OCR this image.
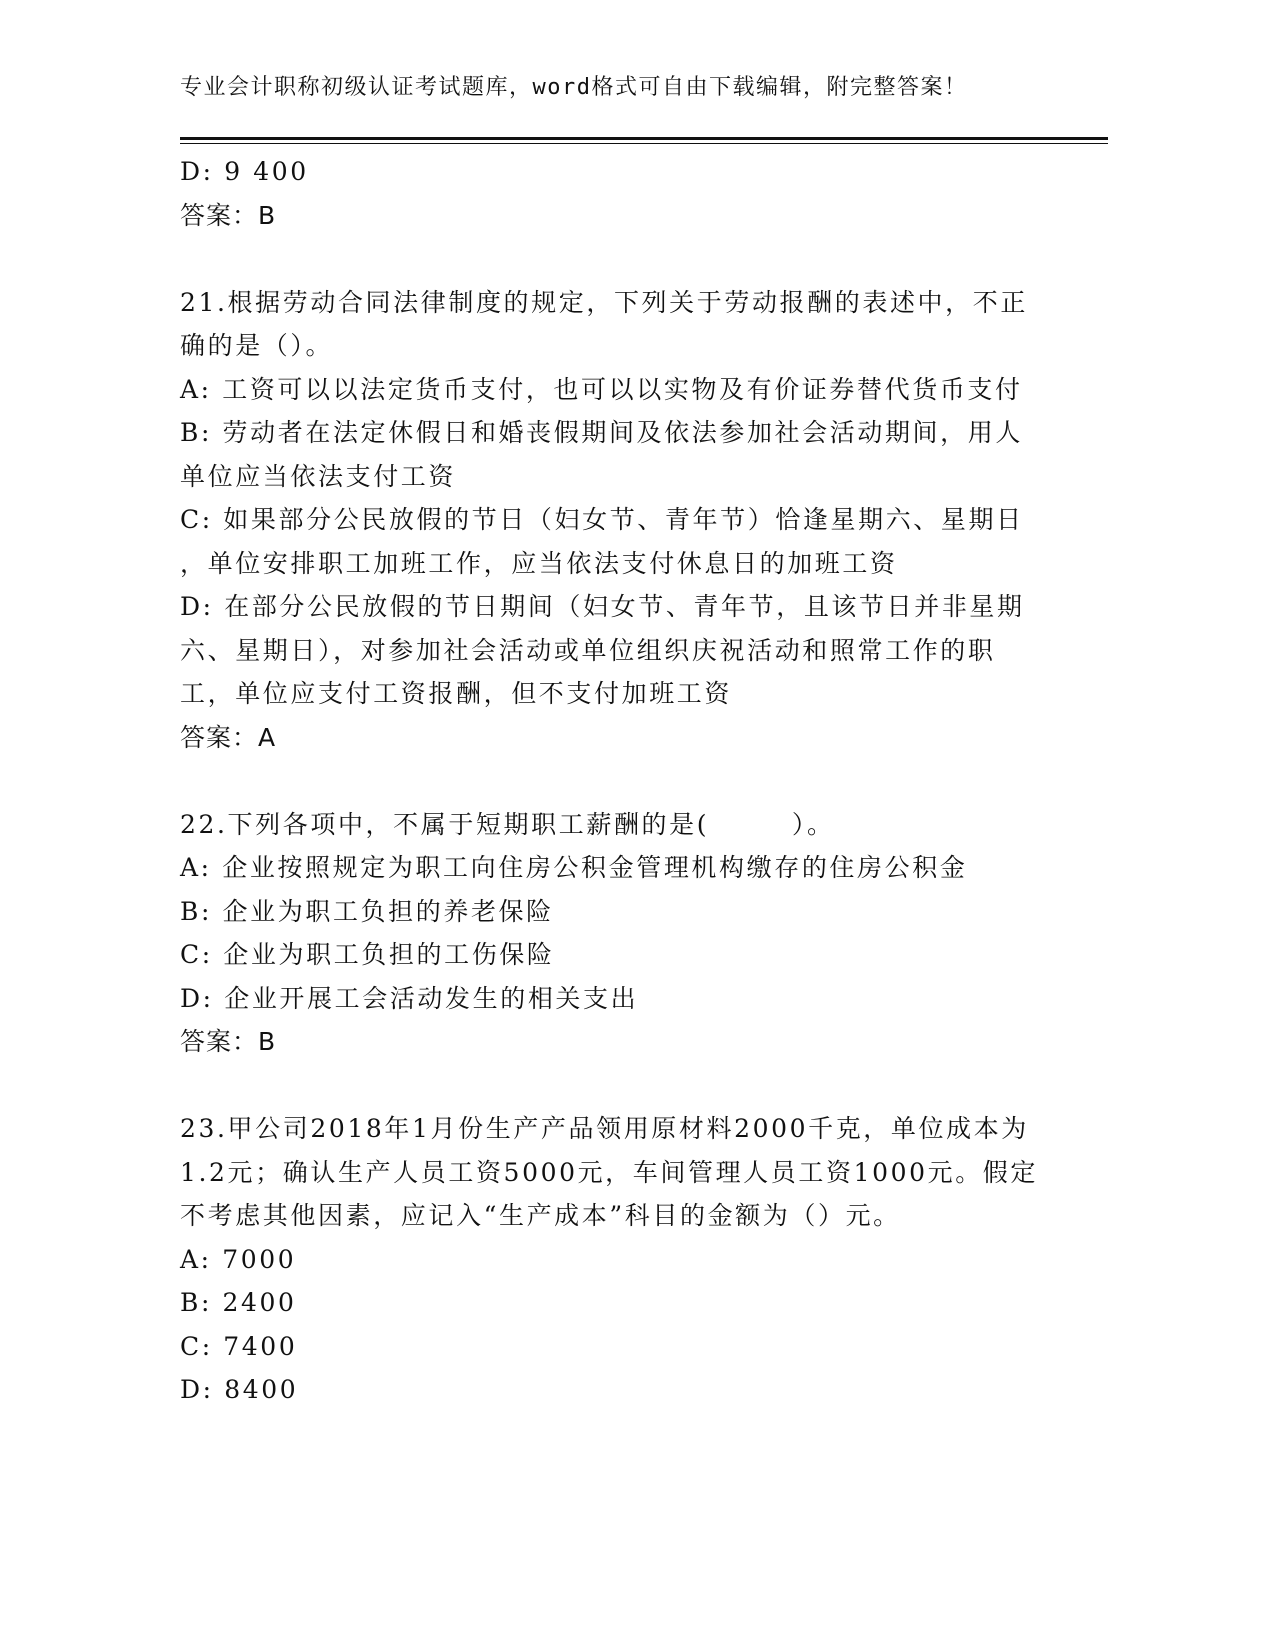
专业会计职称初级认证考试题库，word格式可自由下载编辑，附完整答案！
D: 9 400
答案：B
21.根据劳动合同法律制度的规定，下列关于劳动报酬的表述中，不正
确的是（）。
A: 工资可以以法定货币支付，也可以以实物及有价证券替代货币支付
B: 劳动者在法定休假日和婚丧假期间及依法参加社会活动期间，用人
单位应当依法支付工资
C: 如果部分公民放假的节日（妇女节、青年节）恰逢星期六、星期日
，单位安排职工加班工作，应当依法支付休息日的加班工资
D: 在部分公民放假的节日期间（妇女节、青年节，且该节日并非星期
六、星期日），对参加社会活动或单位组织庆祝活动和照常工作的职
工，单位应支付工资报酬，但不支付加班工资
答案：A
22.下列各项中，不属于短期职工薪酬的是(　　　）。
A: 企业按照规定为职工向住房公积金管理机构缴存的住房公积金
B: 企业为职工负担的养老保险
C: 企业为职工负担的工伤保险
D: 企业开展工会活动发生的相关支出
答案：B
23.甲公司2018年1月份生产产品领用原材料2000千克，单位成本为
1.2元；确认生产人员工资5000元，车间管理人员工资1000元。假定
不考虑其他因素，应记入“生产成本”科目的金额为（）元。
A: 7000
B: 2400
C: 7400
D: 8400
